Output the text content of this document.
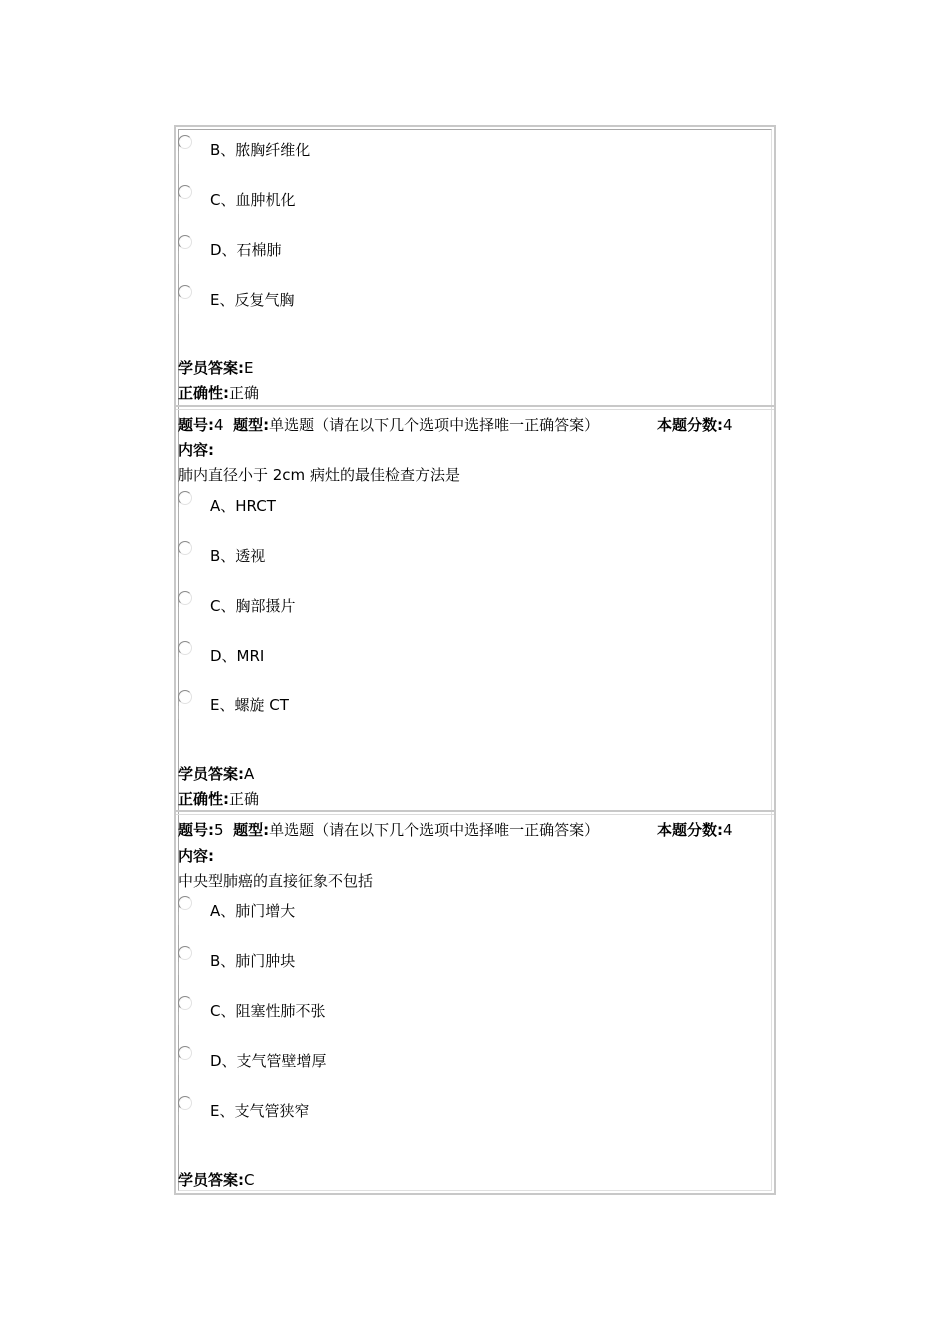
B、脓胸纤维化
C、血肿机化
D、石棉肺
E、反复气胸
学员答案:E
正确性:正确
题号:4 题型:单选题（请在以下几个选项中选择唯一正确答案）	本题分数:4
内容:
肺内直径小于 2cm 病灶的最佳检查方法是
A、HRCT
B、透视
C、胸部摄片
D、MRI
E、螺旋 CT
学员答案:A
正确性:正确
题号:5 题型:单选题（请在以下几个选项中选择唯一正确答案）	本题分数:4
内容:
中央型肺癌的直接征象不包括
A、肺门增大
B、肺门肿块
C、阻塞性肺不张
D、支气管壁增厚
E、支气管狭窄
学员答案:C
